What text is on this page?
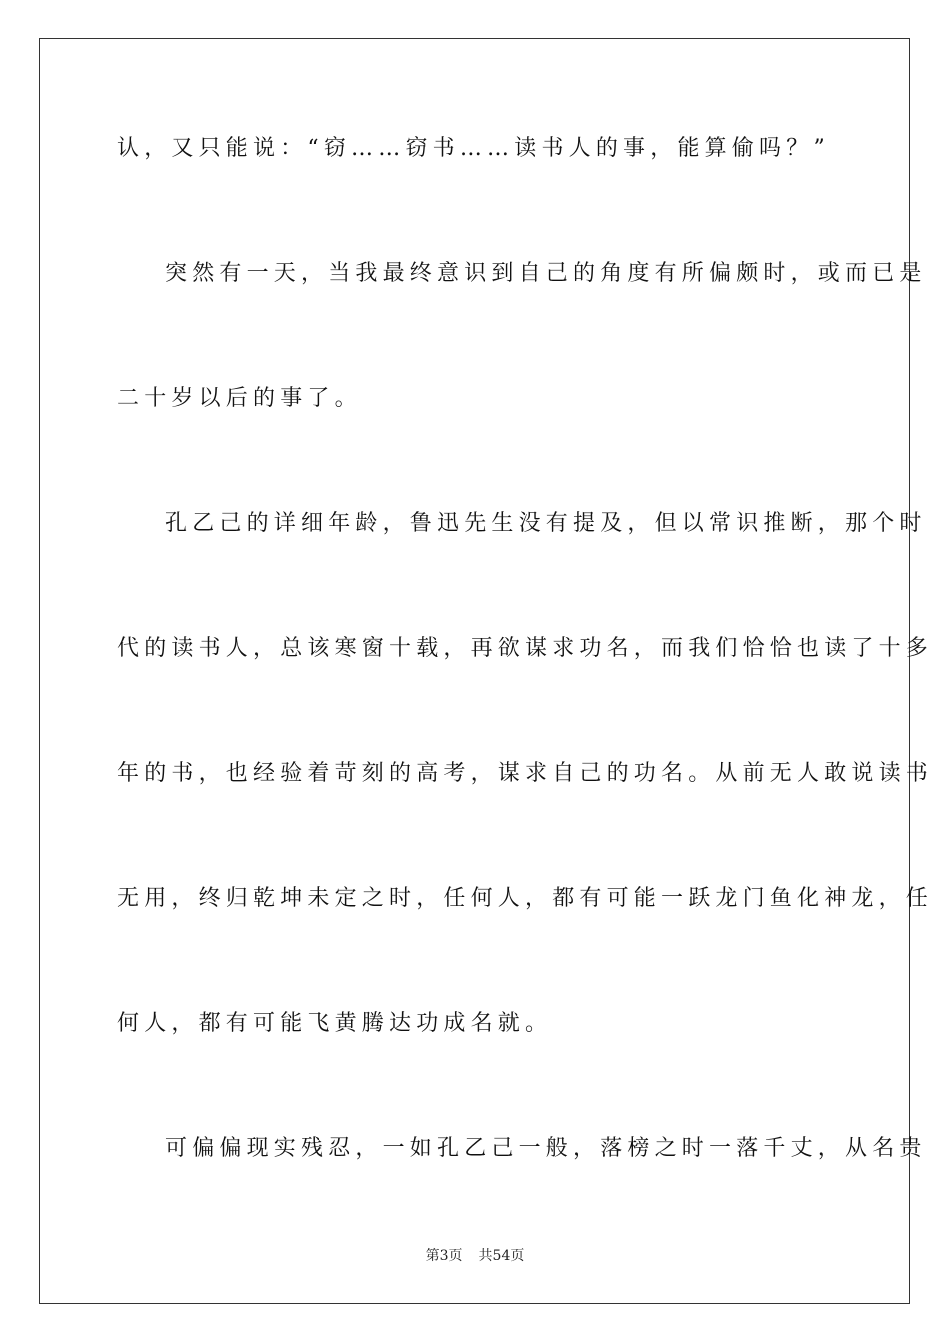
认，又只能说：“窃……窃书……读书人的事，能算偷吗？”
突然有一天，当我最终意识到自己的角度有所偏颇时，或而已是
二十岁以后的事了。
孔乙己的详细年龄，鲁迅先生没有提及，但以常识推断，那个时
代的读书人，总该寒窗十载，再欲谋求功名，而我们恰恰也读了十多
年的书，也经验着苛刻的高考，谋求自己的功名。从前无人敢说读书
无用，终归乾坤未定之时，任何人，都有可能一跃龙门鱼化神龙，任
何人，都有可能飞黄腾达功成名就。
可偏偏现实残忍，一如孔乙己一般，落榜之时一落千丈，从名贵
第3页 共54页
